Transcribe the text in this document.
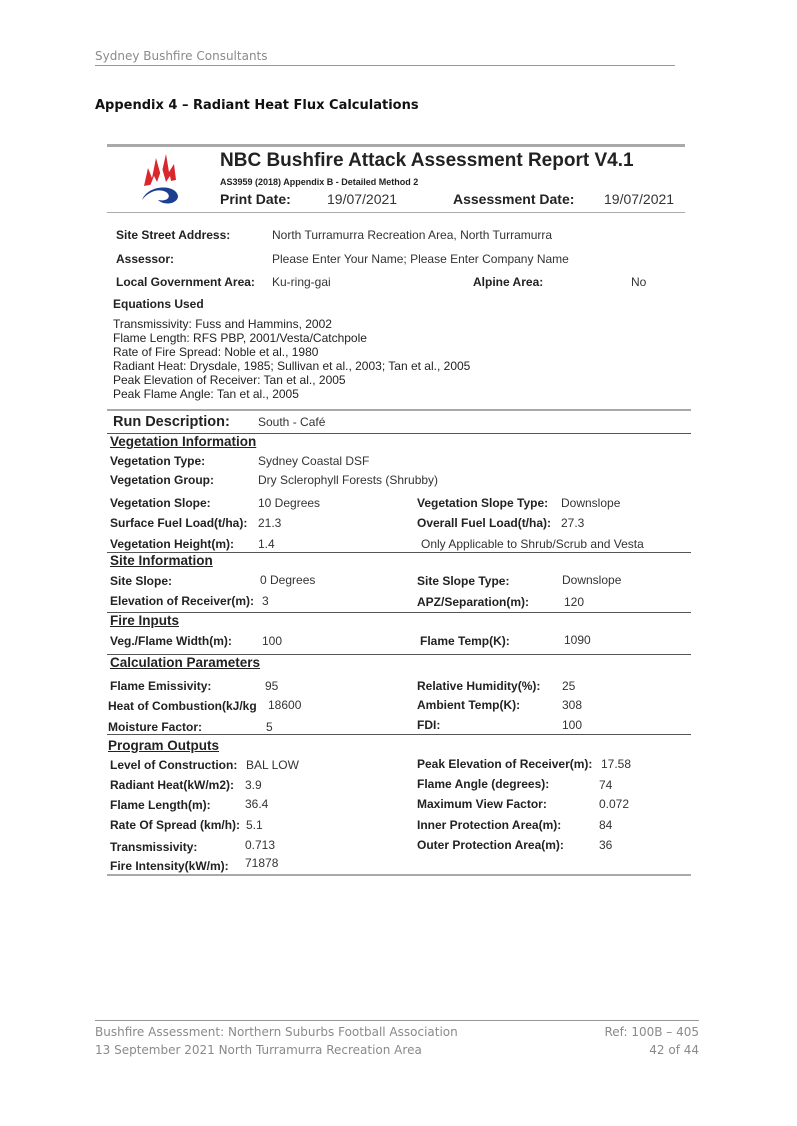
Sydney Bushfire Consultants
Appendix 4 – Radiant Heat Flux Calculations
NBC Bushfire Attack Assessment Report V4.1
AS3959 (2018) Appendix B - Detailed Method 2
Print Date:	19/07/2021	Assessment Date: 19/07/2021
Site Street Address:	North Turramurra Recreation Area, North Turramurra
Assessor:	Please Enter Your Name; Please Enter Company Name
Local Government Area: Ku-ring-gai	Alpine Area:	No
Equations Used
Transmissivity: Fuss and Hammins, 2002
Flame Length: RFS PBP, 2001/Vesta/Catchpole
Rate of Fire Spread: Noble et al., 1980
Radiant Heat: Drysdale, 1985; Sullivan et al., 2003; Tan et al., 2005
Peak Elevation of Receiver: Tan et al., 2005
Peak Flame Angle: Tan et al., 2005
Run Description: South - Café
Vegetation Information
Vegetation Type:	Sydney Coastal DSF
Vegetation Group:	Dry Sclerophyll Forests (Shrubby)
Vegetation Slope:	10 Degrees	Vegetation Slope Type: Downslope
Surface Fuel Load(t/ha): 21.3	Overall Fuel Load(t/ha): 27.3
Vegetation Height(m): 1.4	Only Applicable to Shrub/Scrub and Vesta
Site Information
Site Slope:	0 Degrees	Site Slope Type:	Downslope
Elevation of Receiver(m): 3	APZ/Separation(m):	120
Fire Inputs
Veg./Flame Width(m):	100	Flame Temp(K):	1090
Calculation Parameters
Flame Emissivity:	95	Relative Humidity(%): 25
Heat of Combustion(kJ/kg 18600	Ambient Temp(K):	308
Moisture Factor:	5	FDI:	100
Program Outputs
Level of Construction: BAL LOW	Peak Elevation of Receiver(m): 17.58
Radiant Heat(kW/m2): 3.9	Flame Angle (degrees):	74
Flame Length(m):	36.4	Maximum View Factor:	0.072
Rate Of Spread (km/h): 5.1	Inner Protection Area(m):	84
Transmissivity:	0.713	Outer Protection Area(m):	36
Fire Intensity(kW/m): 71878
Bushfire Assessment: Northern Suburbs Football Association
13 September 2021 North Turramurra Recreation Area
Ref: 100B – 405
42 of 44
